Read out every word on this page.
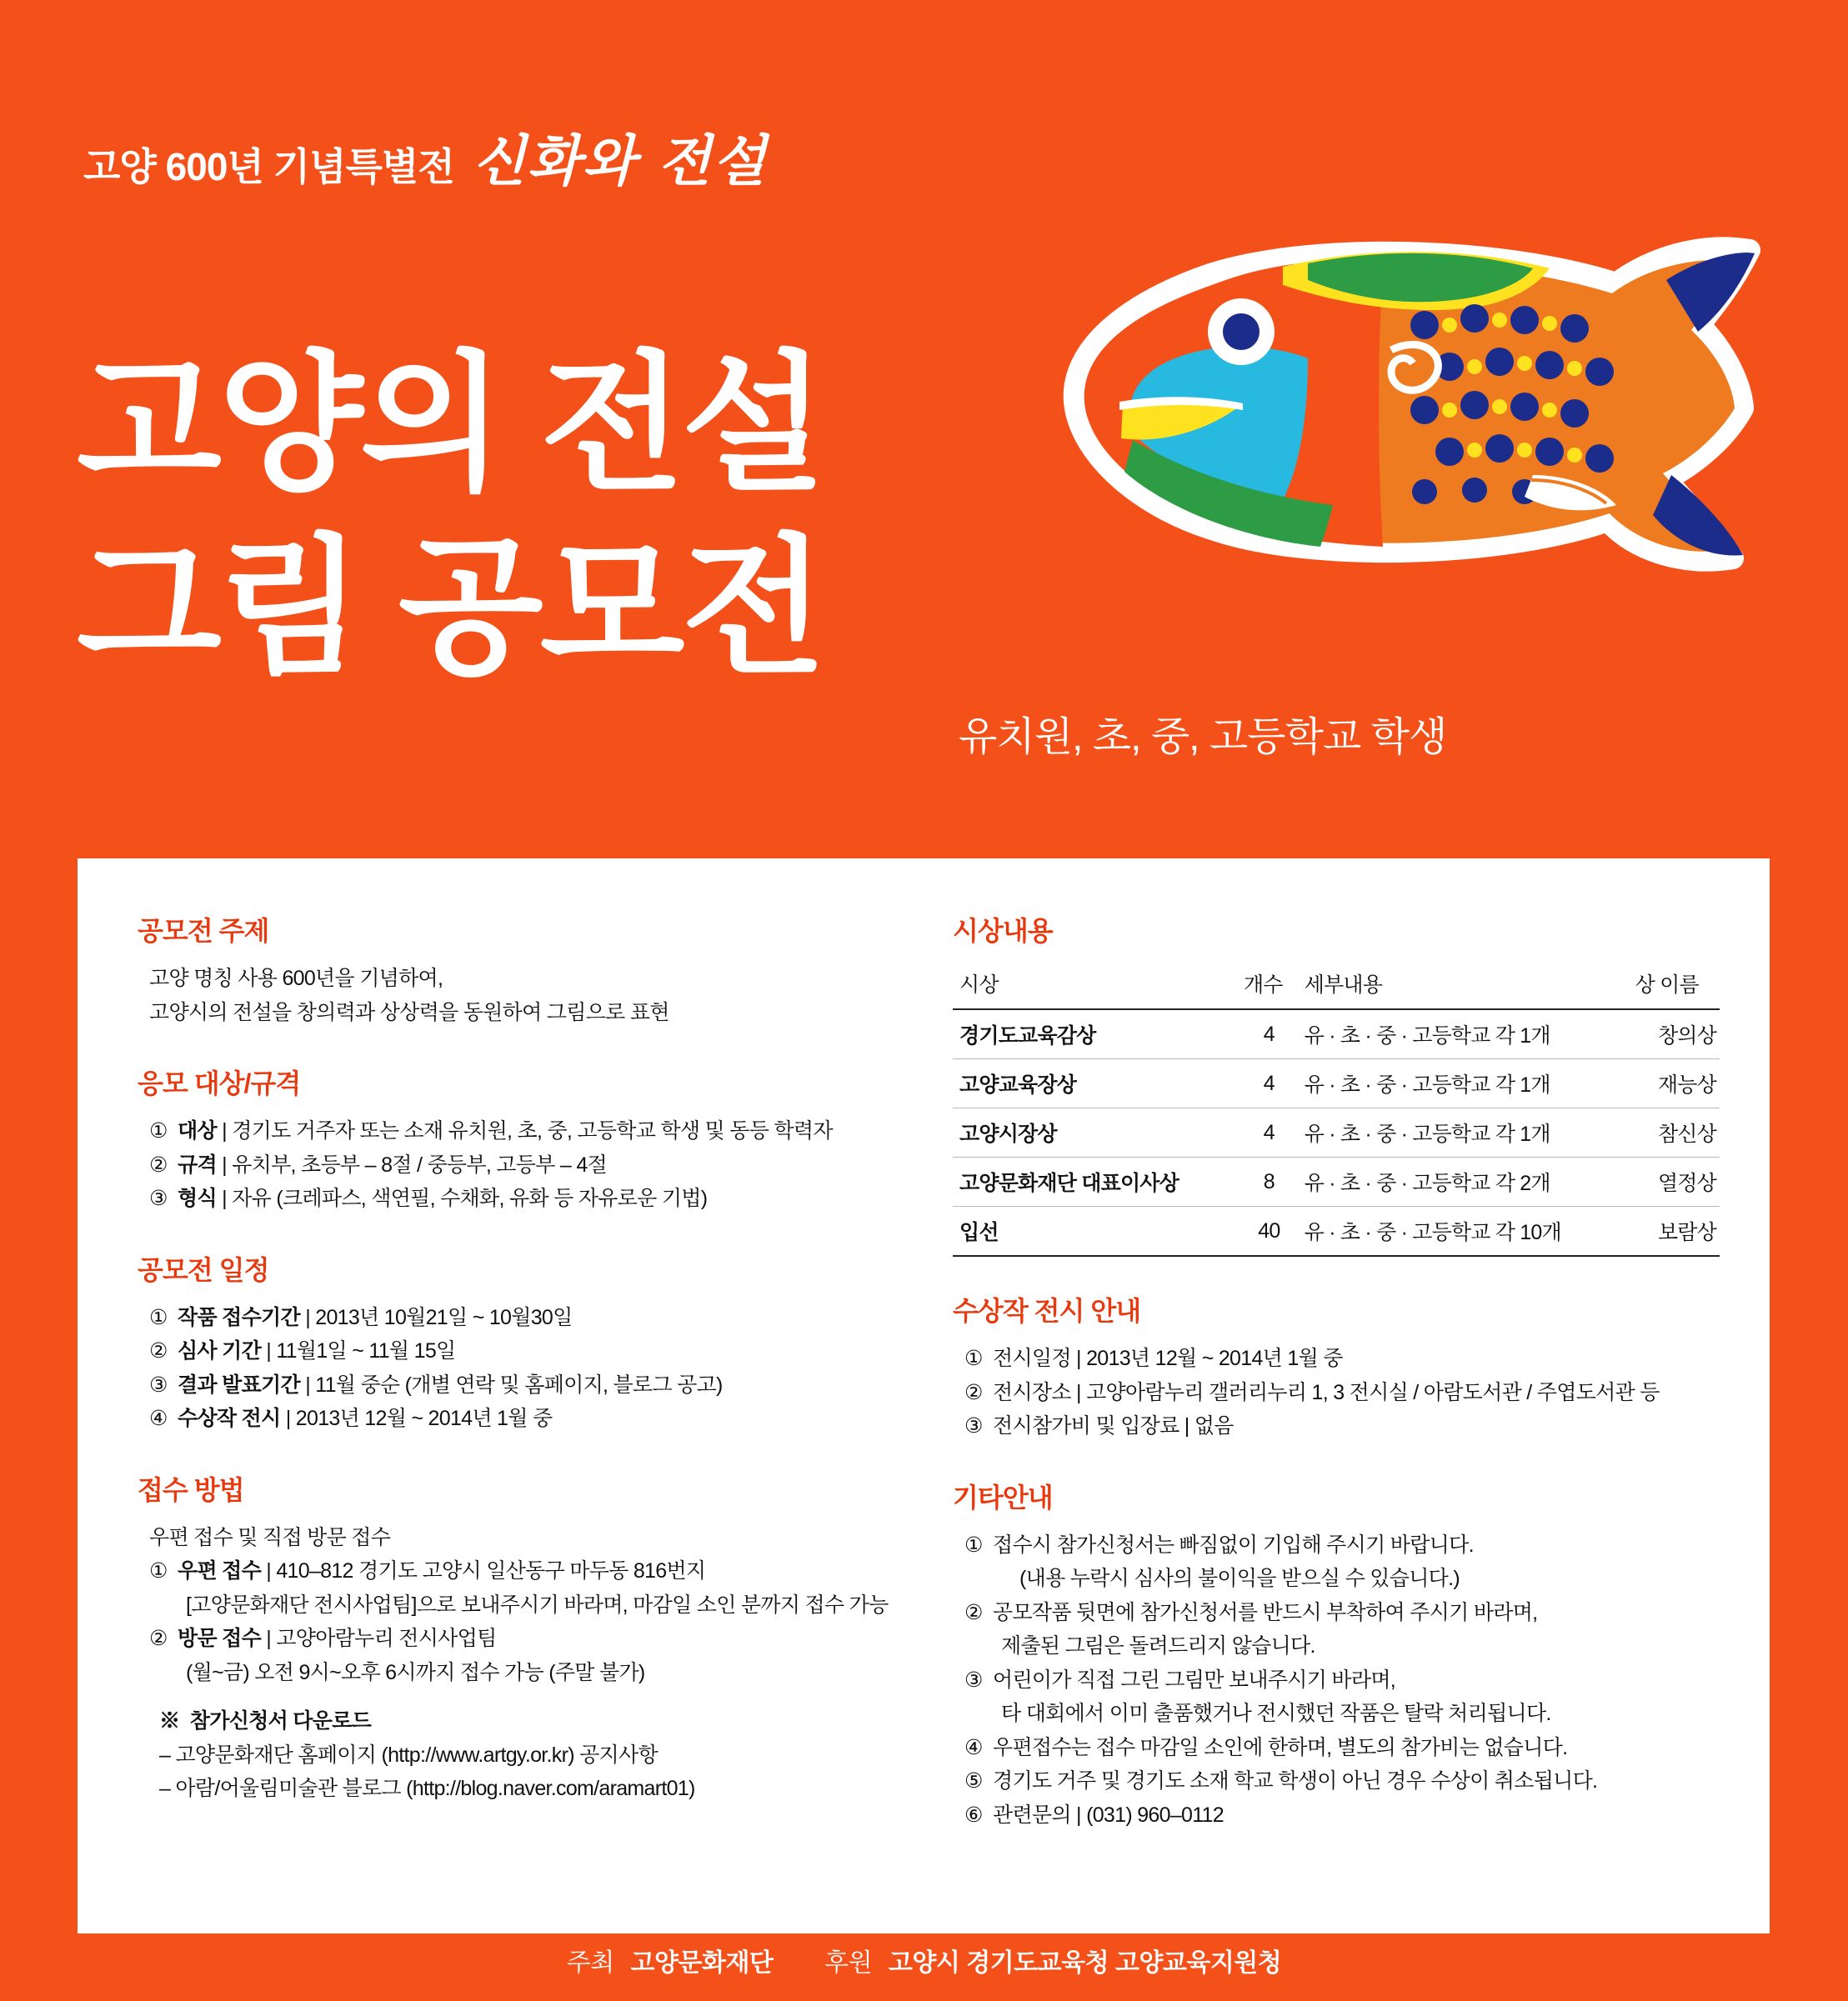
고양 600년 기념특별전 신화와 전설
고양의 전설
그림 공모전
유치원, 초, 중, 고등학교 학생
공모전 주제
고양 명칭 사용 600년을 기념하여,
고양시의 전설을 창의력과 상상력을 동원하여 그림으로 표현
응모 대상/규격
① 대상 | 경기도 거주자 또는 소재 유치원, 초, 중, 고등학교 학생 및 동등 학력자
② 규격 | 유치부, 초등부 – 8절 / 중등부, 고등부 – 4절
③ 형식 | 자유 (크레파스, 색연필, 수채화, 유화 등 자유로운 기법)
공모전 일정
① 작품 접수기간 | 2013년 10월21일 ~ 10월30일
② 심사 기간 | 11월1일 ~ 11월 15일
③ 결과 발표기간 | 11월 중순 (개별 연락 및 홈페이지, 블로그 공고)
④ 수상작 전시 | 2013년 12월 ~ 2014년 1월 중
접수 방법
우편 접수 및 직접 방문 접수
① 우편 접수 | 410–812 경기도 고양시 일산동구 마두동 816번지
[고양문화재단 전시사업팀]으로 보내주시기 바라며, 마감일 소인 분까지 접수 가능
② 방문 접수 | 고양아람누리 전시사업팀
(월~금) 오전 9시~오후 6시까지 접수 가능 (주말 불가)
※  참가신청서 다운로드
– 고양문화재단 홈페이지 (http://www.artgy.or.kr) 공지사항
– 아람/어울림미술관 블로그 (http://blog.naver.com/aramart01)
시상내용
시상	개수	세부내용	상 이름
경기도교육감상	4	유 · 초 · 중 · 고등학교 각 1개	창의상
고양교육장상	4	유 · 초 · 중 · 고등학교 각 1개	재능상
고양시장상	4	유 · 초 · 중 · 고등학교 각 1개	참신상
고양문화재단 대표이사상	8	유 · 초 · 중 · 고등학교 각 2개	열정상
입선	40	유 · 초 · 중 · 고등학교 각 10개	보람상
수상작 전시 안내
① 전시일정 | 2013년 12월 ~ 2014년 1월 중
② 전시장소 | 고양아람누리 갤러리누리 1, 3 전시실 / 아람도서관 / 주엽도서관 등
③ 전시참가비 및 입장료 | 없음
기타안내
① 접수시 참가신청서는 빠짐없이 기입해 주시기 바랍니다.
(내용 누락시 심사의 불이익을 받으실 수 있습니다.)
② 공모작품 뒷면에 참가신청서를 반드시 부착하여 주시기 바라며,
제출된 그림은 돌려드리지 않습니다.
③ 어린이가 직접 그린 그림만 보내주시기 바라며,
타 대회에서 이미 출품했거나 전시했던 작품은 탈락 처리됩니다.
④ 우편접수는 접수 마감일 소인에 한하며, 별도의 참가비는 없습니다.
⑤ 경기도 거주 및 경기도 소재 학교 학생이 아닌 경우 수상이 취소됩니다.
⑥ 관련문의 | (031) 960–0112
주최 고양문화재단 후원 고양시 경기도교육청 고양교육지원청
